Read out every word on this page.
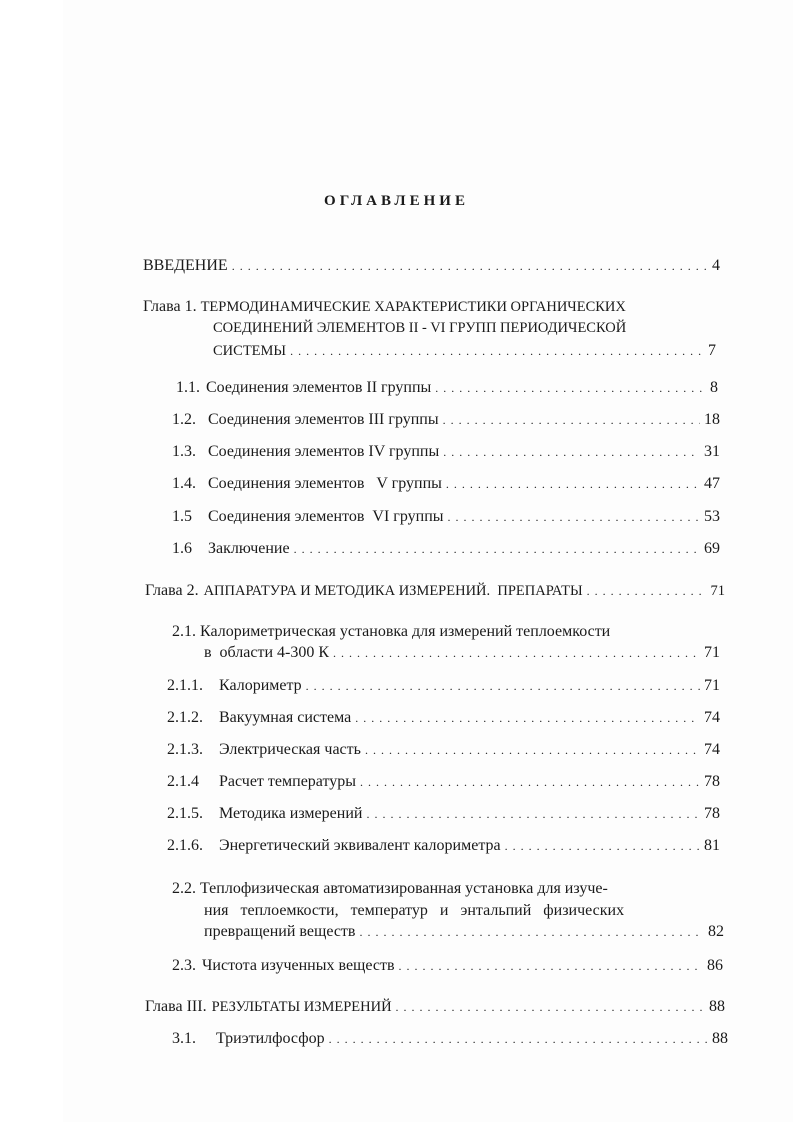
ОГЛАВЛЕНИЕ
ВВЕДЕНИЕ . . .	4
Глава 1. ТЕРМОДИНАМИЧЕСКИЕ ХАРАКТЕРИСТИКИ ОРГАНИЧЕСКИХ
СОЕДИНЕНИЙ ЭЛЕМЕНТОВ II - VI ГРУПП ПЕРИОДИЧЕСКОЙ
СИСТЕМЫ . . .	7
1.1. Соединения элементов II группы . . .	8
1.2. Соединения элементов III группы . . .	18
1.3. Соединения элементов IV группы . . .	31
1.4. Соединения элементов   V группы . . .	47
1.5	Соединения элементов  VI группы . . .	53
1.6	Заключение . . .	69
Глава 2. АППАРАТУРА И МЕТОДИКА ИЗМЕРЕНИЙ.  ПРЕПАРАТЫ . . .	71
2.1. Калориметрическая установка для измерений теплоемкости
в  области 4-300 К . . .	71
2.1.1.	Калориметр . . .	71
2.1.2.	Вакуумная система . . .	74
2.1.3.	Электрическая часть . . .	74
2.1.4	Расчет температуры . . .	78
2.1.5.	Методика измерений . . .	78
2.1.6.	Энергетический эквивалент калориметра . . .	81
2.2. Теплофизическая автоматизированная установка для изуче-
ния   теплоемкости,   температур   и   энтальпий   физических
превращений веществ . . .	82
2.3. Чистота изученных веществ . . .	86
Глава III. РЕЗУЛЬТАТЫ ИЗМЕРЕНИЙ . . .	88
3.1.	Триэтилфосфор . . .	88
